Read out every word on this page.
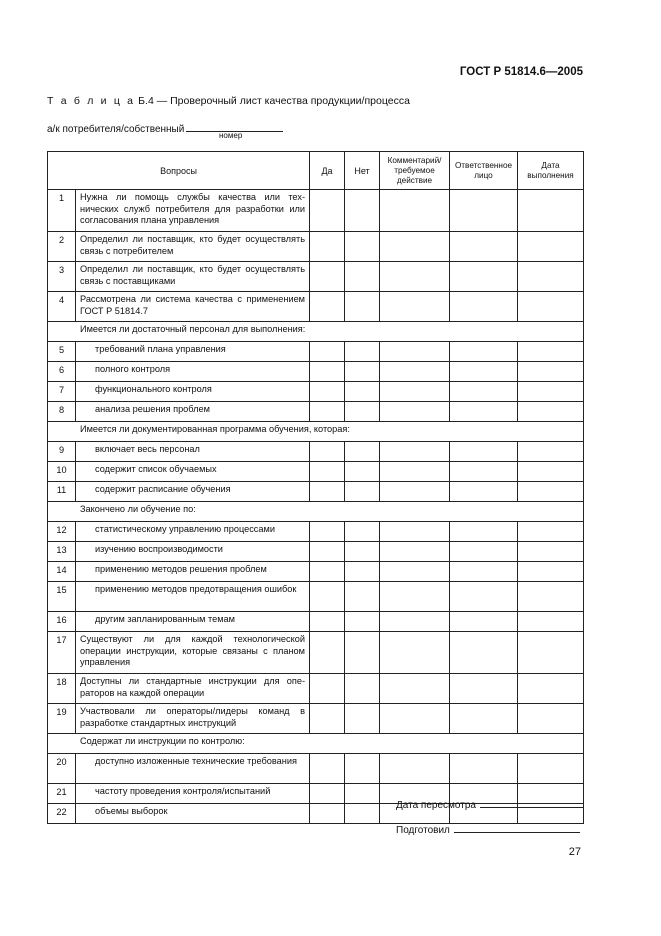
ГОСТ Р 51814.6—2005
Т а б л и ц а Б.4 — Проверочный лист качества продукции/процесса
а/к потребителя/собственный
номер
Вопросы		Да	Нет	Комментарий/ требуемое действие	Ответственное лицо	Дата выполнения
1	Нужна ли помощь службы качества или технических служб потребителя для разработки или согласования плана управления					
2	Определил ли поставщик, кто будет осуществлять связь с потребителем					
3	Определил ли поставщик, кто будет осуществлять связь с поставщиками					
4	Рассмотрена ли система качества с применением ГОСТ Р 51814.7					
Имеется ли достаточный персонал для выполнения:						
5	требований плана управления					
6	полного контроля					
7	функционального контроля					
8	анализа решения проблем					
Имеется ли документированная программа обучения, которая:						
9	включает весь персонал					
10	содержит список обучаемых					
11	содержит расписание обучения					
Закончено ли обучение по:						
12	статистическому управлению процессами					
13	изучению воспроизводимости					
14	применению методов решения проблем					
15	применению методов предотвращения ошибок					
16	другим запланированным темам					
17	Существуют ли для каждой технологической операции инструкции, которые связаны с планом управления					
18	Доступны ли стандартные инструкции для операторов на каждой операции					
19	Участвовали ли операторы/лидеры команд в разработке стандартных инструкций					
Содержат ли инструкции по контролю:						
20	доступно изложенные технические требования					
21	частоту проведения контроля/испытаний					
22	объемы выборок						Дата пересмотра
Подготовил
27
